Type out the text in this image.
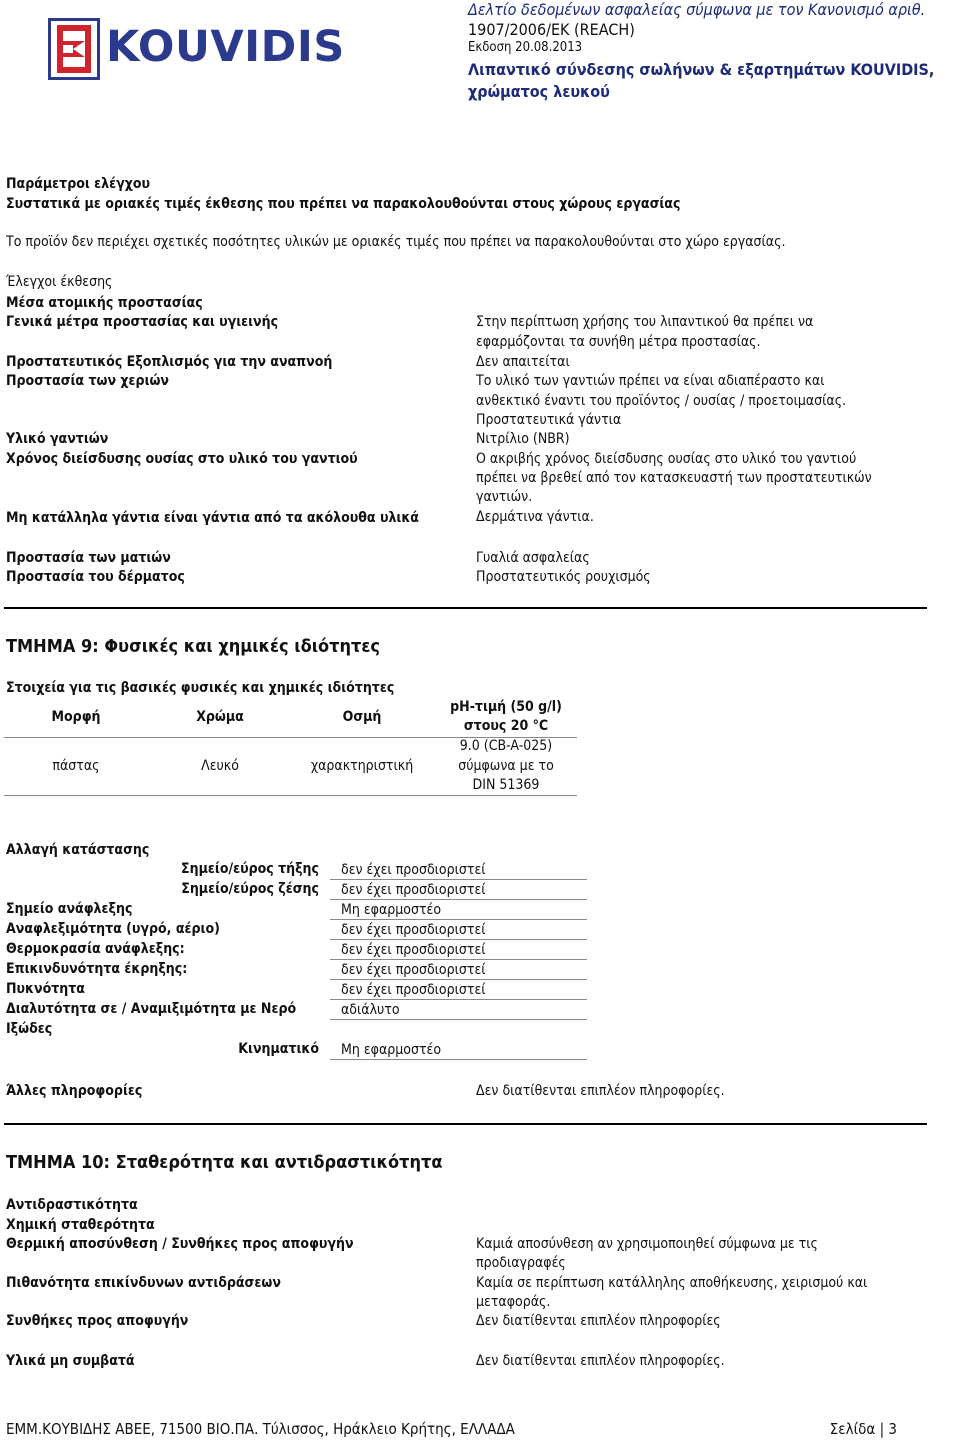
KOUVIDIS
Δελτίο δεδομένων ασφαλείας σύμφωνα με τον Κανονισμό αριθ.
1907/2006/ΕΚ (REACH)
Εκδοση 20.08.2013
Λιπαντικό σύνδεσης σωλήνων & εξαρτημάτων KOUVIDIS,
χρώματος λευκού
Παράμετροι ελέγχου
Συστατικά με οριακές τιμές έκθεσης που πρέπει να παρακολουθούνται στους χώρους εργασίας
Το προϊόν δεν περιέχει σχετικές ποσότητες υλικών με οριακές τιμές που πρέπει να παρακολουθούνται στο χώρο εργασίας.
Έλεγχοι έκθεσης
Μέσα ατομικής προστασίας
Γενικά μέτρα προστασίας και υγιεινής	Στην περίπτωση χρήσης του λιπαντικού θα πρέπει να
εφαρμόζονται τα συνήθη μέτρα προστασίας.
Προστατευτικός Εξοπλισμός για την αναπνοή	Δεν απαιτείται
Προστασία των χεριών	Το υλικό των γαντιών πρέπει να είναι αδιαπέραστο και
ανθεκτικό έναντι του προϊόντος / ουσίας / προετοιμασίας.
Προστατευτικά γάντια
Υλικό γαντιών	Νιτρίλιο (NBR)
Χρόνος διείσδυσης ουσίας στο υλικό του γαντιού	Ο ακριβής χρόνος διείσδυσης ουσίας στο υλικό του γαντιού
πρέπει να βρεθεί από τον κατασκευαστή των προστατευτικών
γαντιών.
Μη κατάλληλα γάντια είναι γάντια από τα ακόλουθα υλικά	Δερμάτινα γάντια.
Προστασία των ματιών	Γυαλιά ασφαλείας
Προστασία του δέρματος	Προστατευτικός ρουχισμός
ΤΜΗΜΑ 9: Φυσικές και χημικές ιδιότητες
Στοιχεία για τις βασικές φυσικές και χημικές ιδιότητες
Μορφή	Χρώμα	Οσμή
pH-τιμή (50 g/l)
στους 20 °C
πάστας	Λευκό	χαρακτηριστική
9.0 (CB-A-025)
σύμφωνα με το
DIN 51369
Αλλαγή κατάστασης
Σημείο/εύρος τήξης δεν έχει προσδιοριστεί
Σημείο/εύρος ζέσης δεν έχει προσδιοριστεί
Σημείο ανάφλεξης	Μη εφαρμοστέο
Αναφλεξιμότητα (υγρό, αέριο)	δεν έχει προσδιοριστεί
Θερμοκρασία ανάφλεξης:	δεν έχει προσδιοριστεί
Επικινδυνότητα έκρηξης:	δεν έχει προσδιοριστεί
Πυκνότητα	δεν έχει προσδιοριστεί
Διαλυτότητα σε / Αναμιξιμότητα με Νερό	αδιάλυτο
Ιξώδες
Κινηματικό Μη εφαρμοστέο
Άλλες πληροφορίες	Δεν διατίθενται επιπλέον πληροφορίες.
ΤΜΗΜΑ 10: Σταθερότητα και αντιδραστικότητα
Αντιδραστικότητα
Χημική σταθερότητα
Θερμική αποσύνθεση / Συνθήκες προς αποφυγήν	Καμιά αποσύνθεση αν χρησιμοποιηθεί σύμφωνα με τις
προδιαγραφές
Πιθανότητα επικίνδυνων αντιδράσεων	Καμία σε περίπτωση κατάλληλης αποθήκευσης, χειρισμού και
μεταφοράς.
Συνθήκες προς αποφυγήν	Δεν διατίθενται επιπλέον πληροφορίες
Υλικά μη συμβατά	Δεν διατίθενται επιπλέον πληροφορίες.
ΕΜΜ.ΚΟΥΒΙΔΗΣ ΑΒΕΕ, 71500 ΒΙΟ.ΠΑ. Τύλισσος, Ηράκλειο Κρήτης, ΕΛΛΑΔΑ	Σελίδα | 3
